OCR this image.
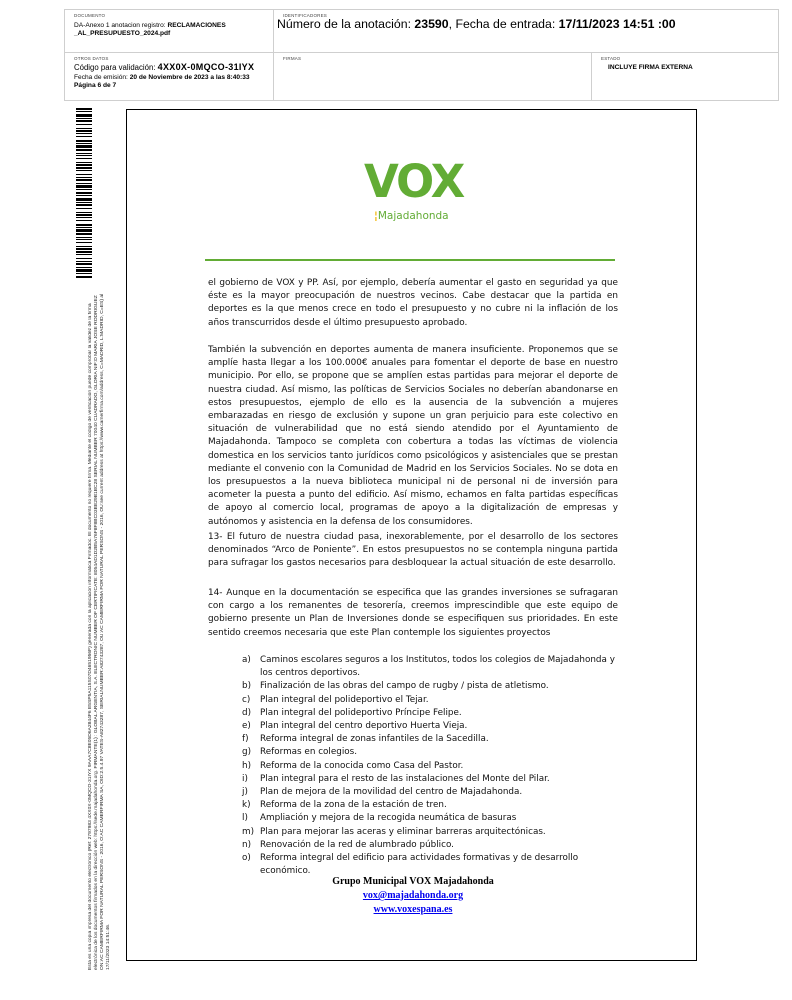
DOCUMENTO
DA-Anexo 1 anotacion registro: RECLAMACIONES _AL_PRESUPUESTO_2024.pdf
IDENTIFICADORES
Número de la anotación: 23590, Fecha de entrada: 17/11/2023 14:51 :00
OTROS DATOS
Código para validación: 4XX0X-0MQCO-31IYX
Fecha de emisión: 20 de Noviembre de 2023 a las 8:40:33
Página 6 de 7
FIRMAS	ESTADO
INCLUYE FIRMA EXTERNA
Esta es una copia impresa del documento electrónico (Ref: 2797983 4XX0X-0MQCO-31IYX 9AAA7C8E05D6A2844F6 E5SP5A115S07D4651956F) generada con la aplicación informática Firmadoc. El documento no requiere firma. Mediante el código de verificación puede comprobar la validez de la firma electrónica de los documentos firmados en la dirección web: https://sede.majadahonda.org. FIRMANTE(1) : GLOBAL ARGENTIA, S.A. ELECTRONIC NUMBER OF CERTIFICATE: 8054AD1D2B5A76F8F8BC03BE29B1BC28 SERIAL NUMBER 70040 CUADRADO, GLORIA NIF:D MARIA JOSE RODRIGUEZ ON:AC CAMERFIRMA FOR NATURAL PERSONS - 2016, O:AC CAMERFIRMA SA, OID:2.5.4.97 VATES-A82743287, SERIALNUMBER:A82743287, OU:AC CAMERFIRMA FOR NATURAL PERSONS - 2016, OU:see current address at https://www.camerfirma.com/address, C=MADRID, L:MADRID, C=ES) al 17/11/2023 14:51:46.
VOX
¦Majadahonda
el gobierno de VOX y PP. Así, por ejemplo, debería aumentar el gasto en seguridad ya que éste es la mayor preocupación de nuestros vecinos. Cabe destacar que la partida en deportes es la que menos crece en todo el presupuesto y no cubre ni la inflación de los años transcurridos desde el último presupuesto aprobado.
También la subvención en deportes aumenta de manera insuficiente. Proponemos que se amplíe hasta llegar a los 100.000€ anuales para fomentar el deporte de base en nuestro municipio. Por ello, se propone que se amplíen estas partidas para mejorar el deporte de nuestra ciudad. Así mismo, las políticas de Servicios Sociales no deberían abandonarse en estos presupuestos, ejemplo de ello es la ausencia de la subvención a mujeres embarazadas en riesgo de exclusión y supone un gran perjuicio para este colectivo en situación de vulnerabilidad que no está siendo atendido por el Ayuntamiento de Majadahonda. Tampoco se completa con cobertura a todas las víctimas de violencia domestica en los servicios tanto jurídicos como psicológicos y asistenciales que se prestan mediante el convenio con la Comunidad de Madrid en los Servicios Sociales. No se dota en los presupuestos a la nueva biblioteca municipal ni de personal ni de inversión para acometer la puesta a punto del edificio. Así mismo, echamos en falta partidas específicas de apoyo al comercio local, programas de apoyo a la digitalización de empresas y autónomos y asistencia en la defensa de los consumidores.
13- El futuro de nuestra ciudad pasa, inexorablemente, por el desarrollo de los sectores denominados “Arco de Poniente”. En estos presupuestos no se contempla ninguna partida para sufragar los gastos necesarios para desbloquear la actual situación de este desarrollo.
14- Aunque en la documentación se especifica que las grandes inversiones se sufragaran con cargo a los remanentes de tesorería, creemos imprescindible que este equipo de gobierno presente un Plan de Inversiones donde se especifiquen sus prioridades. En este sentido creemos necesaria que este Plan contemple los siguientes proyectos
a) Caminos escolares seguros a los Institutos, todos los colegios de Majadahonda y los centros deportivos.
b) Finalización de las obras del campo de rugby / pista de atletismo.
c) Plan integral del polideportivo el Tejar.
d) Plan integral del polideportivo Príncipe Felipe.
e) Plan integral del centro deportivo Huerta Vieja.
f) Reforma integral de zonas infantiles de la Sacedilla.
g) Reformas en colegios.
h) Reforma de la conocida como Casa del Pastor.
i) Plan integral para el resto de las instalaciones del Monte del Pilar.
j) Plan de mejora de la movilidad del centro de Majadahonda.
k) Reforma de la zona de la estación de tren.
l) Ampliación y mejora de la recogida neumática de basuras
m) Plan para mejorar las aceras y eliminar barreras arquitectónicas.
n) Renovación de la red de alumbrado público.
o) Reforma integral del edificio para actividades formativas y de desarrollo económico.
Grupo Municipal VOX Majadahonda
vox@majadahonda.org
www.voxespana.es
